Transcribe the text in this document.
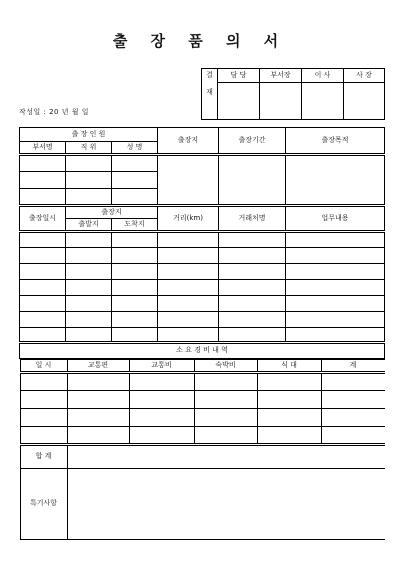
출 장 품 의 서
결	담 당	부서장	이 사	사 장
재				
작성일 : 20 년 월 일
출 장 인 원	출장지	출장기간	출장목적
부서명	직 위	성 명

출장일시	출장지	거리(km)	거래처명	업무내용
출발지	도착지

소 요 경 비 내 역

일 시	교통편	교통비	숙박비	식 대	계

합 계	
특기사항	
